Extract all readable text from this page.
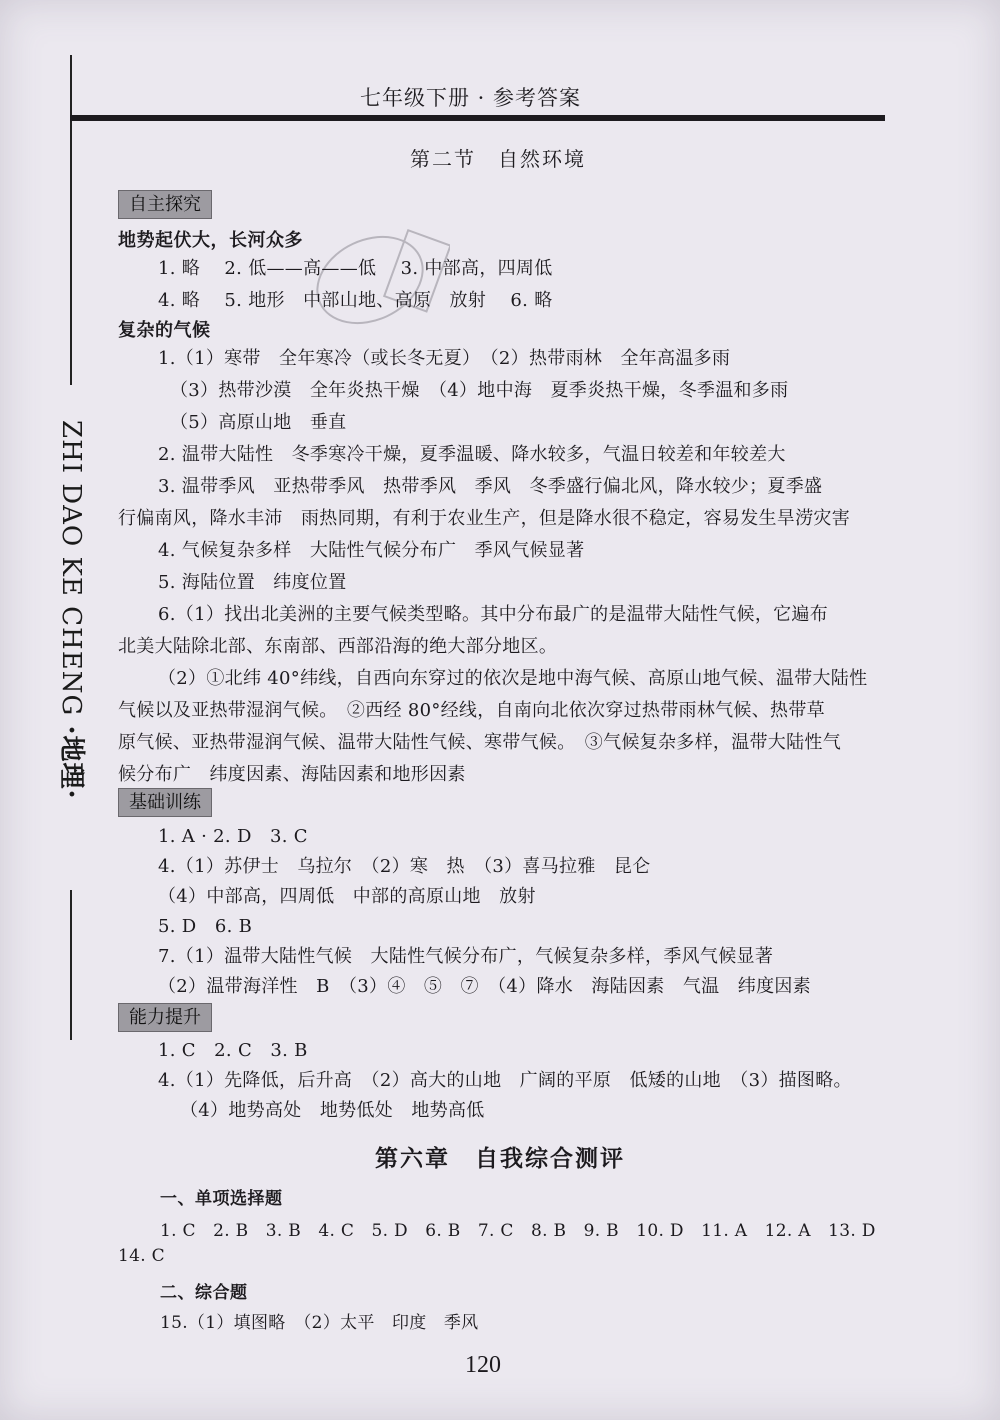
ZHI DAO KE CHENG ·地理·
七年级下册 · 参考答案
第二节　自然环境
自主探究
地势起伏大，长河众多
1. 略　 2. 低——高——低　 3. 中部高，四周低
4. 略　 5. 地形　中部山地、高原　放射　 6. 略
复杂的气候
1.（1）寒带　全年寒冷（或长冬无夏）　（2）热带雨林　全年高温多雨
（3）热带沙漠　全年炎热干燥　（4）地中海　夏季炎热干燥，冬季温和多雨
（5）高原山地　垂直
2. 温带大陆性　冬季寒冷干燥，夏季温暖、降水较多，气温日较差和年较差大
3. 温带季风　亚热带季风　热带季风　季风　冬季盛行偏北风，降水较少；夏季盛
行偏南风，降水丰沛　雨热同期，有利于农业生产，但是降水很不稳定，容易发生旱涝灾害
4. 气候复杂多样　大陆性气候分布广　季风气候显著
5. 海陆位置　纬度位置
6.（1）找出北美洲的主要气候类型略。其中分布最广的是温带大陆性气候，它遍布
北美大陆除北部、东南部、西部沿海的绝大部分地区。
（2）①北纬 40°纬线，自西向东穿过的依次是地中海气候、高原山地气候、温带大陆性
气候以及亚热带湿润气候。　②西经 80°经线，自南向北依次穿过热带雨林气候、热带草
原气候、亚热带湿润气候、温带大陆性气候、寒带气候。　③气候复杂多样，温带大陆性气
候分布广　纬度因素、海陆因素和地形因素
基础训练
1. A · 2. D　3. C
4.（1）苏伊士　乌拉尔　（2）寒　热　（3）喜马拉雅　昆仑
（4）中部高，四周低　中部的高原山地　放射
5. D　6. B
7.（1）温带大陆性气候　大陆性气候分布广，气候复杂多样，季风气候显著
（2）温带海洋性　B　（3）④　⑤　⑦　（4）降水　海陆因素　气温　纬度因素
能力提升
1. C　2. C　3. B
4.（1）先降低，后升高　（2）高大的山地　广阔的平原　低矮的山地　（3）描图略。
（4）地势高处　地势低处　地势高低
第六章　自我综合测评
一、单项选择题
1. C　2. B　3. B　4. C　5. D　6. B　7. C　8. B　9. B　10. D　11. A　12. A　13. D
14. C
二、综合题
15.（1）填图略　（2）太平　印度　季风
120
